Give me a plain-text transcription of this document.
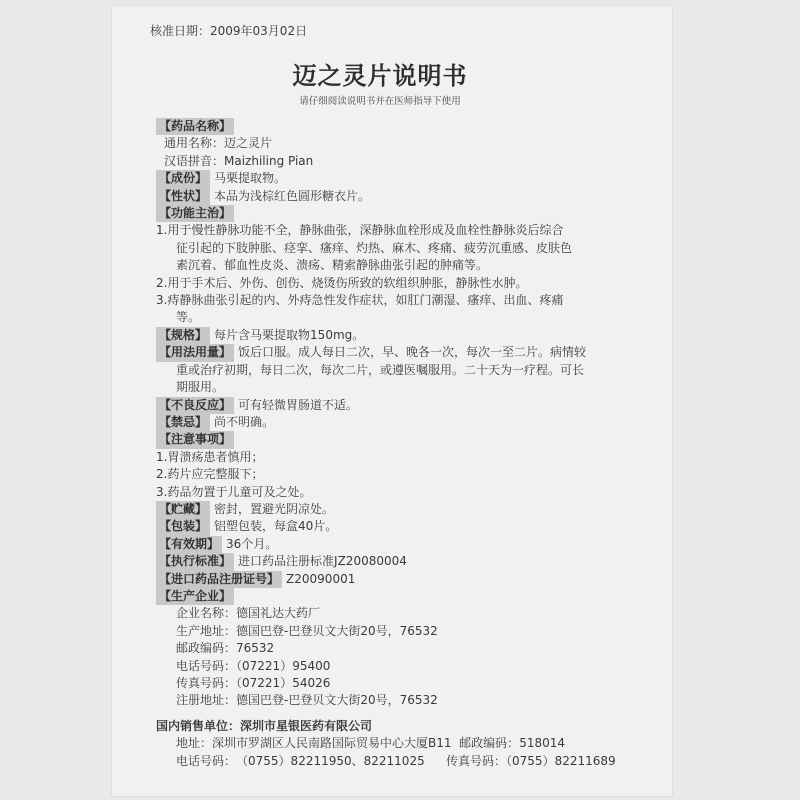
核准日期：2009年03月02日
迈之灵片说明书
请仔细阅读说明书并在医师指导下使用
【 药品名称 】
通用名称：迈之灵片
汉语拼音：Maizhiling Pian
【 成份 】 马栗提取物。
【 性状 】 本品为浅棕红色圆形糖衣片。
【 功能主治 】
1.用于慢性静脉功能不全，静脉曲张，深静脉血栓形成及血栓性静脉炎后综合
征引起的下肢肿胀、痉挛、瘙痒、灼热、麻木、疼痛、疲劳沉重感、皮肤色
素沉着、郁血性皮炎、溃疡、精索静脉曲张引起的肿痛等。
2.用于手术后、外伤、创伤、烧烫伤所致的软组织肿胀，静脉性水肿。
3.痔静脉曲张引起的内、外痔急性发作症状，如肛门潮湿、瘙痒、出血、疼痛
等。
【 规格 】 每片含马栗提取物150mg。
【 用法用量 】 饭后口服。成人每日二次，早、晚各一次，每次一至二片。病情较
重或治疗初期，每日二次，每次二片，或遵医嘱服用。二十天为一疗程。可长
期服用。
【 不良反应 】 可有轻微胃肠道不适。
【 禁忌 】 尚不明确。
【 注意事项 】
1.胃溃疡患者慎用；
2.药片应完整服下；
3.药品勿置于儿童可及之处。
【 贮藏 】 密封，置避光阴凉处。
【 包装 】 铝塑包装，每盒40片。
【 有效期 】 36个月。
【 执行标准 】 进口药品注册标准JZ20080004
【 进口药品注册证号 】 Z20090001
【 生产企业 】
企业名称：德国礼达大药厂
生产地址：德国巴登-巴登贝文大街20号，76532
邮政编码：76532
电话号码：（07221）95400
传真号码：（07221）54026
注册地址：德国巴登-巴登贝文大街20号，76532
国内销售单位：深圳市星银医药有限公司
地址：深圳市罗湖区人民南路国际贸易中心大厦B11 邮政编码：518014
电话号码：（0755）82211950、82211025 传真号码：（0755）82211689
